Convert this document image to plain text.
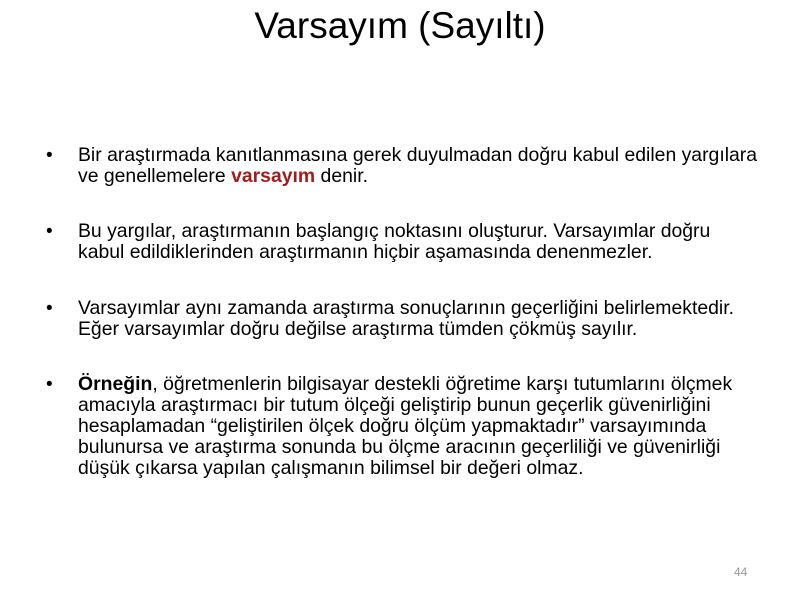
Varsayım (Sayıltı)
• Bir araştırmada kanıtlanmasına gerek duyulmadan doğru kabul edilen yargılara ve genellemelere varsayım denir.
• Bu yargılar, araştırmanın başlangıç noktasını oluşturur. Varsayımlar doğru kabul edildiklerinden araştırmanın hiçbir aşamasında denenmezler.
• Varsayımlar aynı zamanda araştırma sonuçlarının geçerliğini belirlemektedir. Eğer varsayımlar doğru değilse araştırma tümden çökmüş sayılır.
• Örneğin, öğretmenlerin bilgisayar destekli öğretime karşı tutumlarını ölçmek amacıyla araştırmacı bir tutum ölçeği geliştirip bunun geçerlik güvenirliğini hesaplamadan “geliştirilen ölçek doğru ölçüm yapmaktadır” varsayımında bulunursa ve araştırma sonunda bu ölçme aracının geçerliliği ve güvenirliği düşük çıkarsa yapılan çalışmanın bilimsel bir değeri olmaz.
44
